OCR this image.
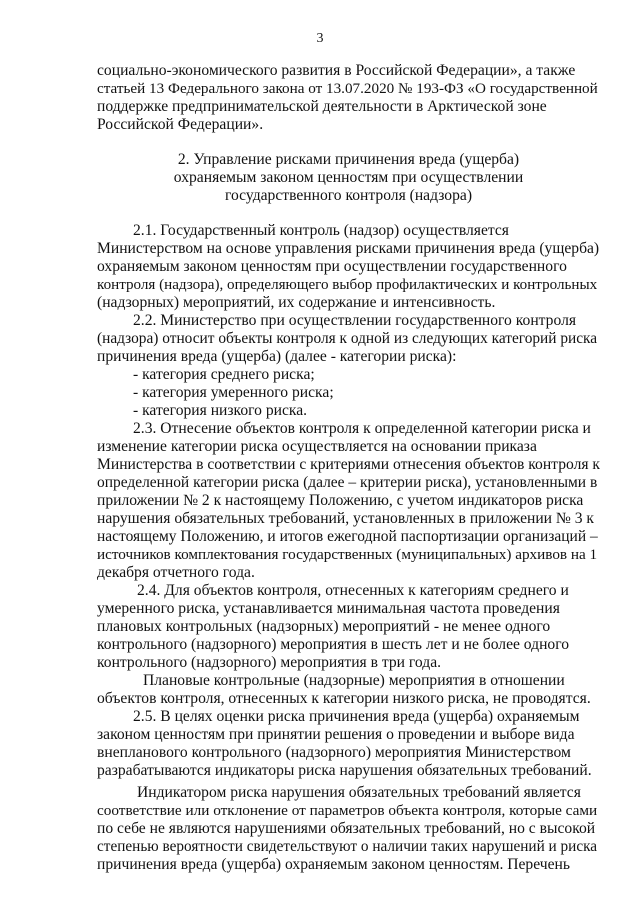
3
социально-экономического развития в Российской Федерации», а также
статьей 13 Федерального закона от 13.07.2020 № 193-ФЗ «О государственной
поддержке предпринимательской деятельности в Арктической зоне
Российской Федерации».
2. Управление рисками причинения вреда (ущерба)
охраняемым законом ценностям при осуществлении
государственного контроля (надзора)
2.1. Государственный контроль (надзор) осуществляется
Министерством на основе управления рисками причинения вреда (ущерба)
охраняемым законом ценностям при осуществлении государственного
контроля (надзора), определяющего выбор профилактических и контрольных
(надзорных) мероприятий, их содержание и интенсивность.
2.2. Министерство при осуществлении государственного контроля
(надзора) относит объекты контроля к одной из следующих категорий риска
причинения вреда (ущерба) (далее - категории риска):
- категория среднего риска;
- категория умеренного риска;
- категория низкого риска.
2.3. Отнесение объектов контроля к определенной категории риска и
изменение категории риска осуществляется на основании приказа
Министерства в соответствии с критериями отнесения объектов контроля к
определенной категории риска (далее – критерии риска), установленными в
приложении № 2 к настоящему Положению, с учетом индикаторов риска
нарушения обязательных требований, установленных в приложении № 3 к
настоящему Положению, и итогов ежегодной паспортизации организаций –
источников комплектования государственных (муниципальных) архивов на 1
декабря отчетного года.
2.4. Для объектов контроля, отнесенных к категориям среднего и
умеренного риска, устанавливается минимальная частота проведения
плановых контрольных (надзорных) мероприятий - не менее одного
контрольного (надзорного) мероприятия в шесть лет и не более одного
контрольного (надзорного) мероприятия в три года.
Плановые контрольные (надзорные) мероприятия в отношении
объектов контроля, отнесенных к категории низкого риска, не проводятся.
2.5. В целях оценки риска причинения вреда (ущерба) охраняемым
законом ценностям при принятии решения о проведении и выборе вида
внепланового контрольного (надзорного) мероприятия Министерством
разрабатываются индикаторы риска нарушения обязательных требований.
Индикатором риска нарушения обязательных требований является
соответствие или отклонение от параметров объекта контроля, которые сами
по себе не являются нарушениями обязательных требований, но с высокой
степенью вероятности свидетельствуют о наличии таких нарушений и риска
причинения вреда (ущерба) охраняемым законом ценностям. Перечень
